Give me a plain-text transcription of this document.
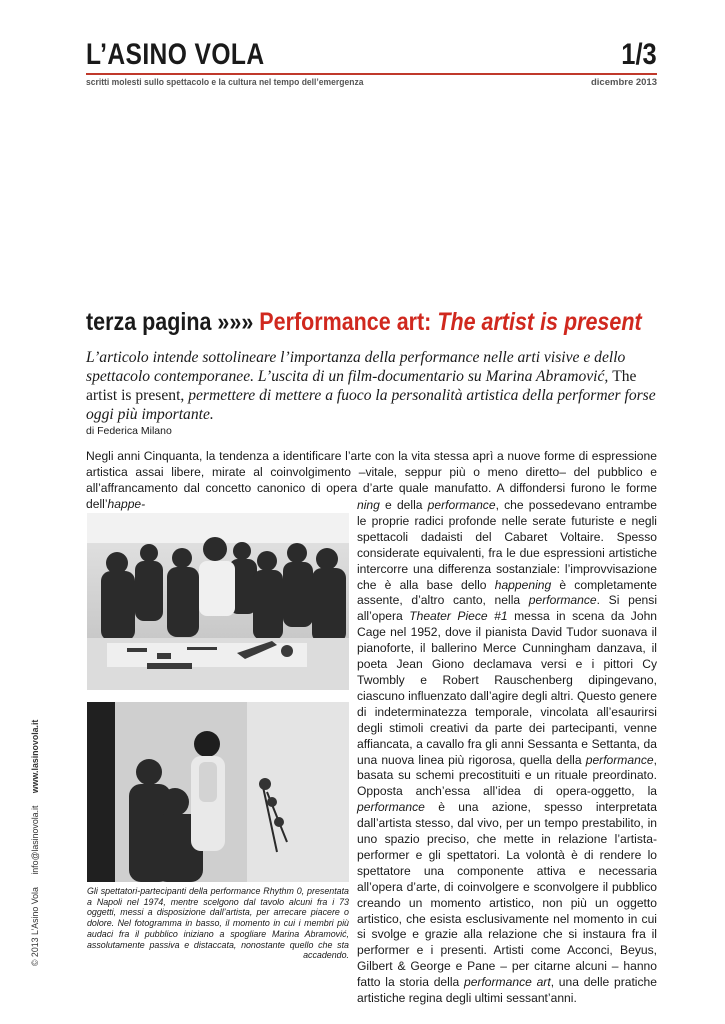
L’ASINO VOLA	1/3
scritti molesti sullo spettacolo e la cultura nel tempo dell’emergenza	dicembre 2013
terza pagina »»» Performance art: The artist is present

L’articolo intende sottolineare l’importanza della performance nelle arti visive e dello spettacolo contemporanee. L’uscita di un film-documentario su Marina Abramović, The artist is present, permettere di mettere a fuoco la personalità artistica della performer forse oggi più importante.

di Federica Milano

Negli anni Cinquanta, la tendenza a identificare l’arte con la vita stessa aprì a nuove forme di espressione artistica assai libere, mirate al coinvolgimento –vitale, seppur più o meno diretto– del pubblico e all’affrancamento dal concetto canonico di opera d’arte quale manufatto. A diffondersi furono le forme dell’happe-

Gli spettatori-partecipanti della performance Rhythm 0, presentata a Napoli nel 1974, mentre scelgono dal tavolo alcuni fra i 73 oggetti, messi a disposizione dall’artista, per arrecare piacere o dolore. Nel fotogramma in basso, il momento in cui i membri più audaci fra il pubblico iniziano a spogliare Marina Abramović, assolutamente passiva e distaccata, nonostante quello che sta accadendo.

ning e della performance, che possedevano entrambe le proprie radici profonde nelle serate futuriste e negli spettacoli dadaisti del Cabaret Voltaire. Spesso considerate equivalenti, fra le due espressioni artistiche intercorre una differenza sostanziale: l’improvvisazione che è alla base dello happening è completamente assente, d’altro canto, nella performance. Si pensi all’opera Theater Piece #1 messa in scena da John Cage nel 1952, dove il pianista David Tudor suonava il pianoforte, il ballerino Merce Cunningham danzava, il poeta Jean Giono declamava versi e i pittori Cy Twombly e Robert Rauschenberg dipingevano, ciascuno influenzato dall’agire degli altri. Questo genere di indeterminatezza temporale, vincolata all’esaurirsi degli stimoli creativi da parte dei partecipanti, venne affiancata, a cavallo fra gli anni Sessanta e Settanta, da una nuova linea più rigorosa, quella della performance, basata su schemi precostituiti e un rituale preordinato. Opposta anch’essa all’idea di opera-oggetto, la performance è una azione, spesso interpretata dall’artista stesso, dal vivo, per un tempo prestabilito, in uno spazio preciso, che mette in relazione l’artista-performer e gli spettatori. La volontà è di rendere lo spettatore una componente attiva e necessaria all’opera d’arte, di coinvolgere e sconvolgere il pubblico creando un momento artistico, non più un oggetto artistico, che esista esclusivamente nel momento in cui si svolge e grazie alla relazione che si instaura fra il performer e i presenti. Artisti come Acconci, Beyus, Gilbert & George e Pane – per citarne alcuni – hanno fatto la storia della performance art, una delle pratiche artistiche regina degli ultimi sessant’anni.

© 2013 L’Asino Vola info@lasinovola.it www.lasinovola.it
